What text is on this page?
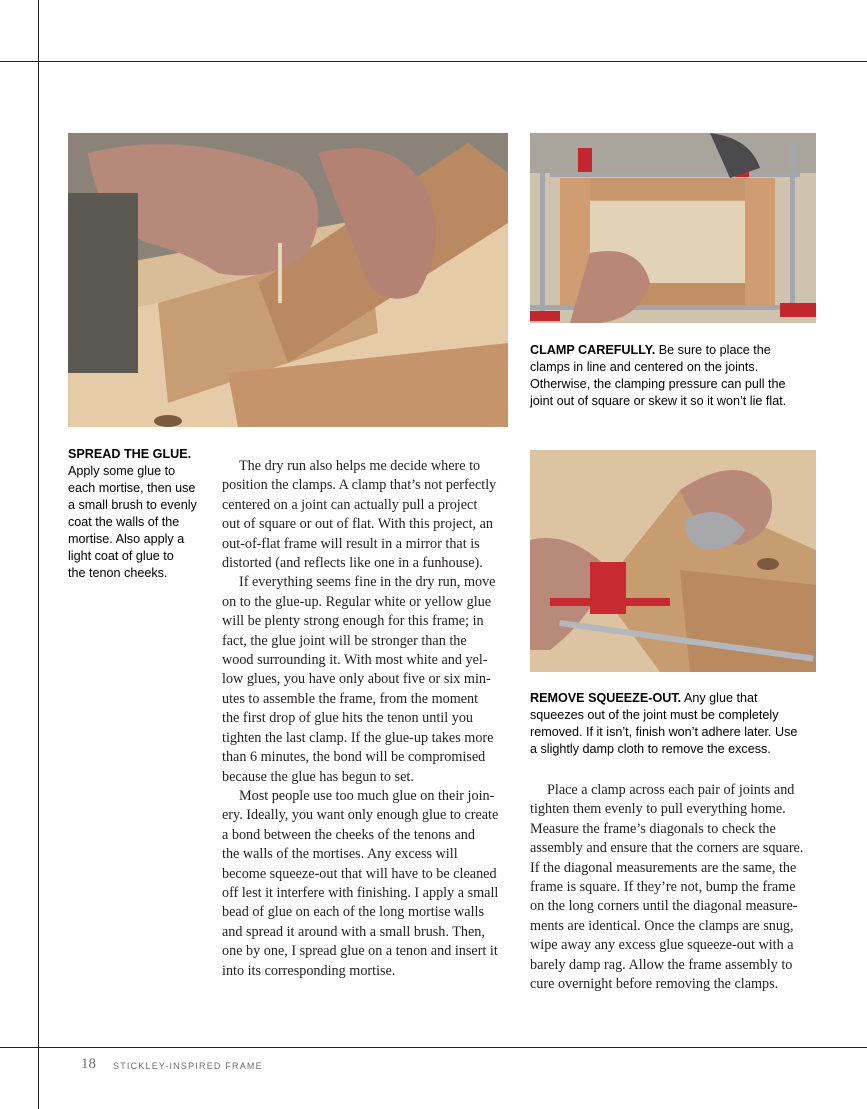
CLAMP CAREFULLY. Be sure to place the
clamps in line and centered on the joints.
Otherwise, the clamping pressure can pull the
joint out of square or skew it so it won’t lie flat.
REMOVE SQUEEZE-OUT. Any glue that
squeezes out of the joint must be completely
removed. If it isn’t, finish won’t adhere later. Use
a slightly damp cloth to remove the excess.
SPREAD THE GLUE.
Apply some glue to
each mortise, then use
a small brush to evenly
coat the walls of the
mortise. Also apply a
light coat of glue to
the tenon cheeks.
The dry run also helps me decide where to
position the clamps. A clamp that’s not perfectly
centered on a joint can actually pull a project
out of square or out of flat. With this project, an
out-of-flat frame will result in a mirror that is
distorted (and reflects like one in a funhouse).
If everything seems fine in the dry run, move
on to the glue-up. Regular white or yellow glue
will be plenty strong enough for this frame; in
fact, the glue joint will be stronger than the
wood surrounding it. With most white and yel-
low glues, you have only about five or six min-
utes to assemble the frame, from the moment
the first drop of glue hits the tenon until you
tighten the last clamp. If the glue-up takes more
than 6 minutes, the bond will be compromised
because the glue has begun to set.
Most people use too much glue on their join-
ery. Ideally, you want only enough glue to create
a bond between the cheeks of the tenons and
the walls of the mortises. Any excess will
become squeeze-out that will have to be cleaned
off lest it interfere with finishing. I apply a small
bead of glue on each of the long mortise walls
and spread it around with a small brush. Then,
one by one, I spread glue on a tenon and insert it
into its corresponding mortise.
Place a clamp across each pair of joints and
tighten them evenly to pull everything home.
Measure the frame’s diagonals to check the
assembly and ensure that the corners are square.
If the diagonal measurements are the same, the
frame is square. If they’re not, bump the frame
on the long corners until the diagonal measure-
ments are identical. Once the clamps are snug,
wipe away any excess glue squeeze-out with a
barely damp rag. Allow the frame assembly to
cure overnight before removing the clamps.
18 STICKLEY-INSPIRED FRAME
